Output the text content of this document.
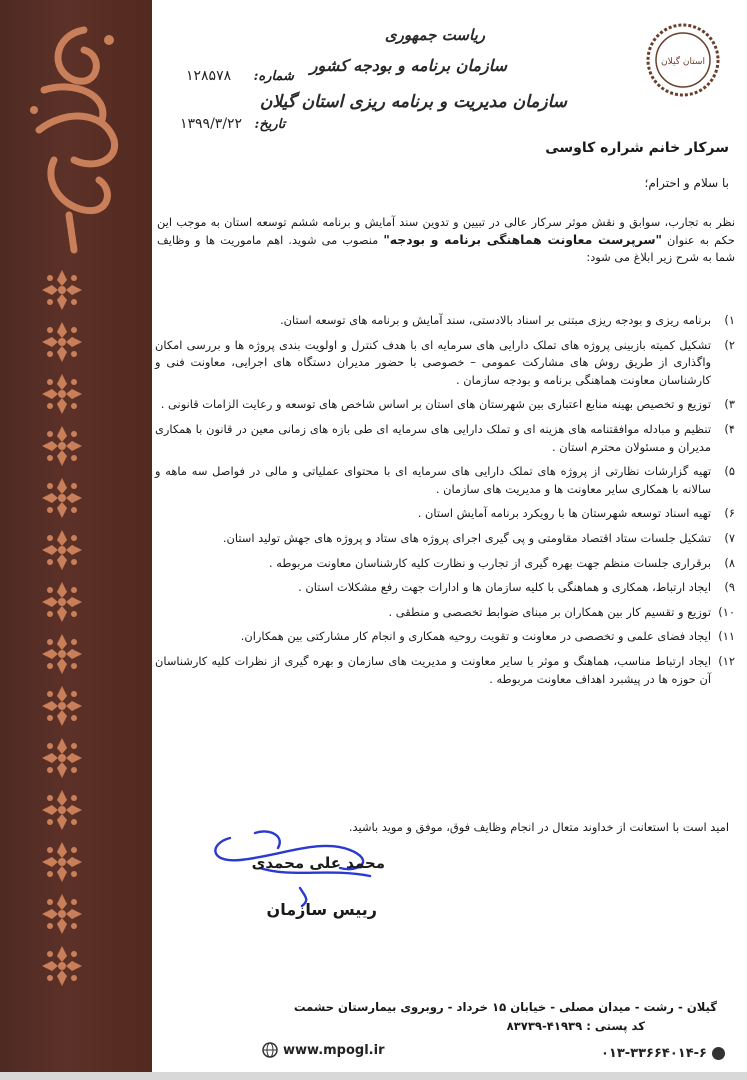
استان گیلان
ریاست جمهوری
سازمان برنامه و بودجه کشور
سازمان مدیریت و برنامه ریزی استان گیلان
شماره: ۱۲۸۵۷۸
تاریخ: ۱۳۹۹/۳/۲۲
سرکار خانم شراره کاوسی
با سلام و احترام؛

نظر به تجارب، سوابق و نقش موثر سرکار عالی در تبیین و تدوین سند آمایش و برنامه ششم توسعه استان به موجب این حکم به عنوان "سرپرست معاونت هماهنگی برنامه و بودجه" منصوب می شوید. اهم ماموریت ها و وظایف شما به شرح زیر ابلاغ می شود:

۱)
برنامه ریزی و بودجه ریزی مبتنی بر اسناد بالادستی، سند آمایش و برنامه های توسعه استان.
۲)
تشکیل کمیته بازبینی پروژه های تملک دارایی های سرمایه ای با هدف کنترل و اولویت بندی پروژه ها و بررسی امکان واگذاری از طریق روش های مشارکت عمومی – خصوصی با حضور مدیران دستگاه های اجرایی، معاونت فنی و کارشناسان معاونت هماهنگی برنامه و بودجه سازمان .
۳)
توزیع و تخصیص بهینه منابع اعتباری بین شهرستان های استان بر اساس شاخص های توسعه و رعایت الزامات قانونی .
۴)
تنظیم و مبادله موافقتنامه های هزینه ای و تملک دارایی های سرمایه ای طی بازه های زمانی معین در قانون با همکاری مدیران و مسئولان محترم استان .
۵)
تهیه گزارشات نظارتی از پروژه های تملک دارایی های سرمایه ای با محتوای عملیاتی و مالی در فواصل سه ماهه و سالانه با همکاری سایر معاونت ها و مدیریت های سازمان .
۶)
تهیه اسناد توسعه شهرستان ها با رویکرد برنامه آمایش استان .
۷)
تشکیل جلسات ستاد اقتصاد مقاومتی و پی گیری اجرای پروژه های ستاد و پروژه های جهش تولید استان.
۸)
برقراری جلسات منظم جهت بهره گیری از تجارب و نظارت کلیه کارشناسان معاونت مربوطه .
۹)
ایجاد ارتباط، همکاری و هماهنگی با کلیه سازمان ها و ادارات جهت رفع مشکلات استان .
۱۰)
توزیع و تقسیم کار بین همکاران بر مبنای ضوابط تخصصی و منطقی .
۱۱)
ایجاد فضای علمی و تخصصی در معاونت و تقویت روحیه همکاری و انجام کار مشارکتی بین همکاران.
۱۲)
ایجاد ارتباط مناسب، هماهنگ و موثر با سایر معاونت و مدیریت های سازمان و بهره گیری از نظرات کلیه کارشناسان آن حوزه ها در پیشبرد اهداف معاونت مربوطه .
امید است با استعانت از خداوند متعال در انجام وظایف فوق، موفق و موید باشید.
محمد علی محمدی
رییس سازمان
گیلان - رشت - میدان مصلی - خیابان ۱۵ خرداد - روبروی بیمارستان حشمت
کد پستی : ۴۱۹۳۹-۸۳۷۳۹
www.mpogl.ir	۰۱۳-۳۳۶۶۴۰۱۴-۶
